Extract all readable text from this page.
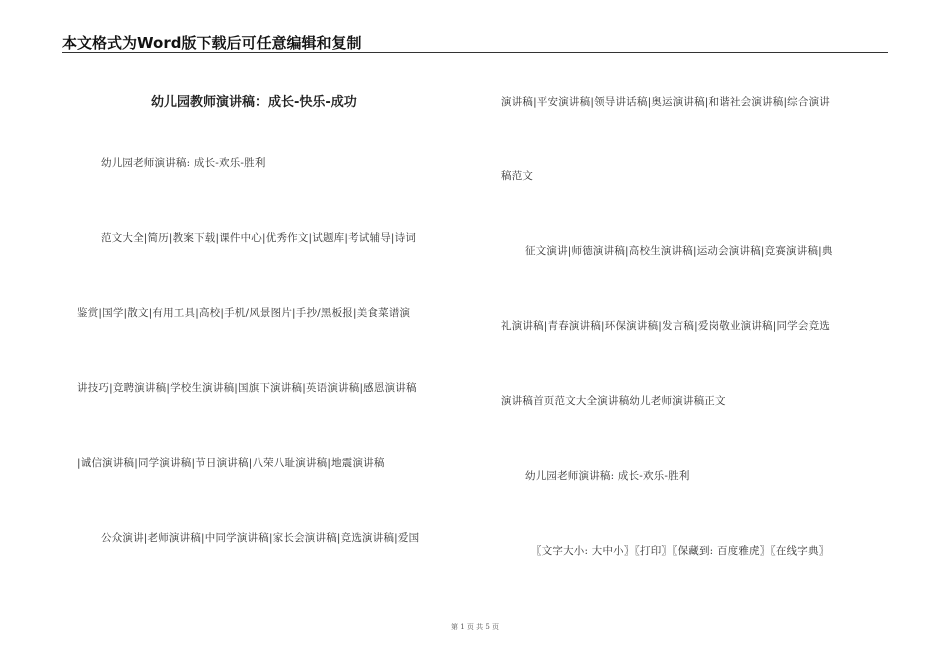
本文格式为Word版下载后可任意编辑和复制
幼儿园教师演讲稿：成长-快乐-成功
幼儿园老师演讲稿: 成长-欢乐-胜利
范文大全|简历|教案下载|课件中心|优秀作文|试题库|考试辅导|诗词
鉴赏|国学|散文|有用工具|高校|手机/风景图片|手抄/黑板报|美食菜谱演
讲技巧|竞聘演讲稿|学校生演讲稿|国旗下演讲稿|英语演讲稿|感恩演讲稿
|诚信演讲稿|同学演讲稿|节日演讲稿|八荣八耻演讲稿|地震演讲稿
公众演讲|老师演讲稿|中同学演讲稿|家长会演讲稿|竞选演讲稿|爱国
演讲稿|平安演讲稿|领导讲话稿|奥运演讲稿|和谐社会演讲稿|综合演讲
稿范文
征文演讲|师德演讲稿|高校生演讲稿|运动会演讲稿|竞赛演讲稿|典
礼演讲稿|青春演讲稿|环保演讲稿|发言稿|爱岗敬业演讲稿|同学会竞选
演讲稿首页范文大全演讲稿幼儿老师演讲稿正文
幼儿园老师演讲稿: 成长-欢乐-胜利
〖文字大小: 大中小〗〖打印〗〖保藏到: 百度雅虎〗〖在线字典〗
第 1 页 共 5 页
